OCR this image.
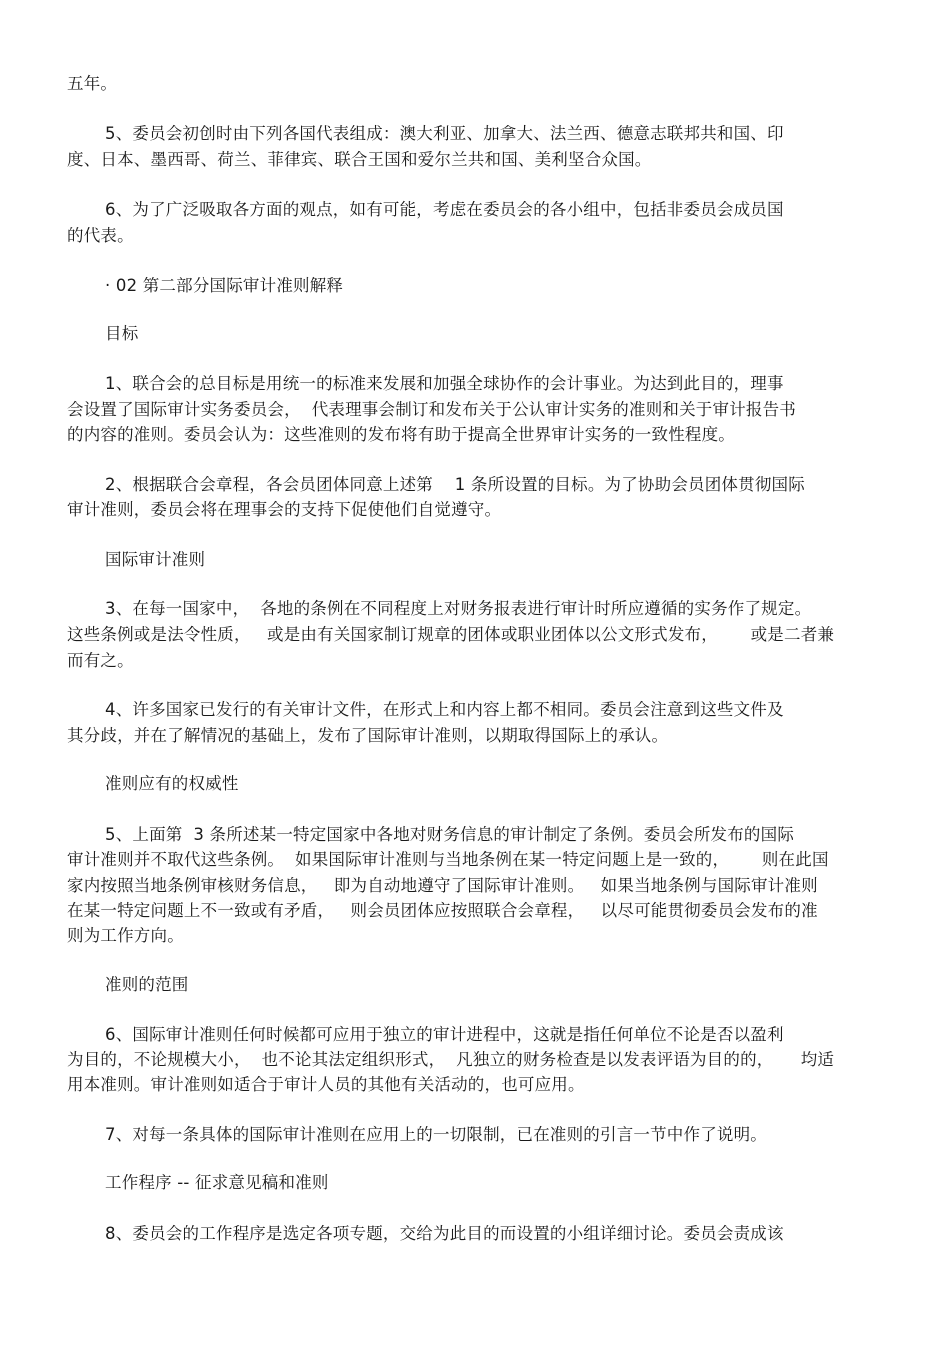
五年。
5、委员会初创时由下列各国代表组成：澳大利亚、加拿大、法兰西、德意志联邦共和国、印
度、日本、墨西哥、荷兰、菲律宾、联合王国和爱尔兰共和国、美利坚合众国。
6、为了广泛吸取各方面的观点，如有可能，考虑在委员会的各小组中，包括非委员会成员国
的代表。
· 02 第二部分国际审计准则解释
目标
1、联合会的总目标是用统一的标准来发展和加强全球协作的会计事业。为达到此目的，理事
会设置了国际审计实务委员会，  代表理事会制订和发布关于公认审计实务的准则和关于审计报告书
的内容的准则。委员会认为：这些准则的发布将有助于提高全世界审计实务的一致性程度。
2、根据联合会章程，各会员团体同意上述第    1 条所设置的目标。为了协助会员团体贯彻国际
审计准则，委员会将在理事会的支持下促使他们自觉遵守。
国际审计准则
3、在每一国家中，  各地的条例在不同程度上对财务报表进行审计时所应遵循的实务作了规定。
这些条例或是法令性质，   或是由有关国家制订规章的团体或职业团体以公文形式发布，      或是二者兼
而有之。
4、许多国家已发行的有关审计文件，在形式上和内容上都不相同。委员会注意到这些文件及
其分歧，并在了解情况的基础上，发布了国际审计准则，以期取得国际上的承认。
准则应有的权威性
5、上面第  3 条所述某一特定国家中各地对财务信息的审计制定了条例。委员会所发布的国际
审计准则并不取代这些条例。  如果国际审计准则与当地条例在某一特定问题上是一致的，      则在此国
家内按照当地条例审核财务信息，   即为自动地遵守了国际审计准则。   如果当地条例与国际审计准则
在某一特定问题上不一致或有矛盾，   则会员团体应按照联合会章程，   以尽可能贯彻委员会发布的准
则为工作方向。
准则的范围
6、国际审计准则任何时候都可应用于独立的审计进程中，这就是指任何单位不论是否以盈利
为目的，不论规模大小，  也不论其法定组织形式，  凡独立的财务检查是以发表评语为目的的，     均适
用本准则。审计准则如适合于审计人员的其他有关活动的，也可应用。
7、对每一条具体的国际审计准则在应用上的一切限制，已在准则的引言一节中作了说明。
工作程序 -- 征求意见稿和准则
8、委员会的工作程序是选定各项专题，交给为此目的而设置的小组详细讨论。委员会责成该
